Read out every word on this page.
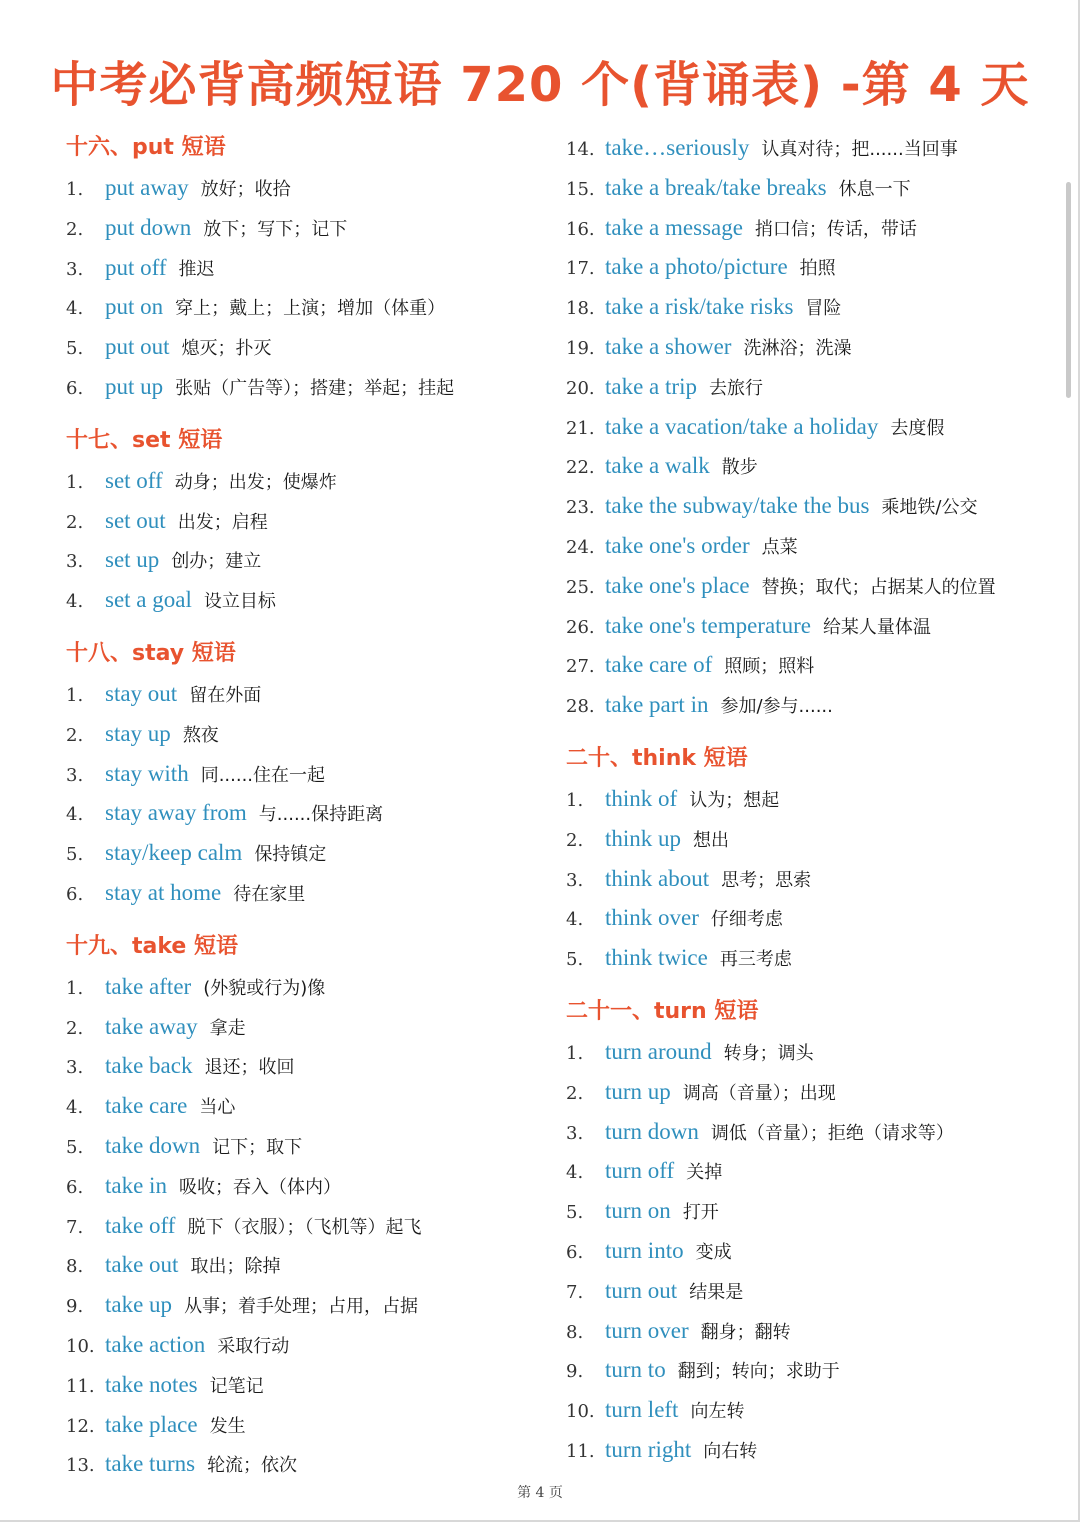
中考必背高频短语 720 个(背诵表) -第 4 天
十六、put 短语
1. put away 放好；收拾
2. put down 放下；写下；记下
3. put off 推迟
4. put on 穿上；戴上；上演；增加（体重）
5. put out 熄灭；扑灭
6. put up 张贴（广告等）；搭建；举起；挂起
十七、set 短语
1. set off 动身；出发；使爆炸
2. set out 出发；启程
3. set up 创办；建立
4. set a goal 设立目标
十八、stay 短语
1. stay out 留在外面
2. stay up 熬夜
3. stay with 同......住在一起
4. stay away from 与......保持距离
5. stay/keep calm 保持镇定
6. stay at home 待在家里
十九、take 短语
1. take after (外貌或行为)像
2. take away 拿走
3. take back 退还；收回
4. take care 当心
5. take down 记下；取下
6. take in 吸收；吞入（体内）
7. take off 脱下（衣服）；（飞机等）起飞
8. take out 取出；除掉
9. take up 从事；着手处理；占用，占据
10. take action 采取行动
11. take notes 记笔记
12. take place 发生
13. take turns 轮流；依次
14. take…seriously 认真对待；把......当回事
15. take a break/take breaks 休息一下
16. take a message 捎口信；传话，带话
17. take a photo/picture 拍照
18. take a risk/take risks 冒险
19. take a shower 洗淋浴；洗澡
20. take a trip 去旅行
21. take a vacation/take a holiday 去度假
22. take a walk 散步
23. take the subway/take the bus 乘地铁/公交
24. take one's order 点菜
25. take one's place 替换；取代；占据某人的位置
26. take one's temperature 给某人量体温
27. take care of 照顾；照料
28. take part in 参加/参与......
二十、think 短语
1. think of 认为；想起
2. think up 想出
3. think about 思考；思索
4. think over 仔细考虑
5. think twice 再三考虑
二十一、turn 短语
1. turn around 转身；调头
2. turn up 调高（音量）；出现
3. turn down 调低（音量）；拒绝（请求等）
4. turn off 关掉
5. turn on 打开
6. turn into 变成
7. turn out 结果是
8. turn over 翻身；翻转
9. turn to 翻到；转向；求助于
10. turn left 向左转
11. turn right 向右转
第 4 页
